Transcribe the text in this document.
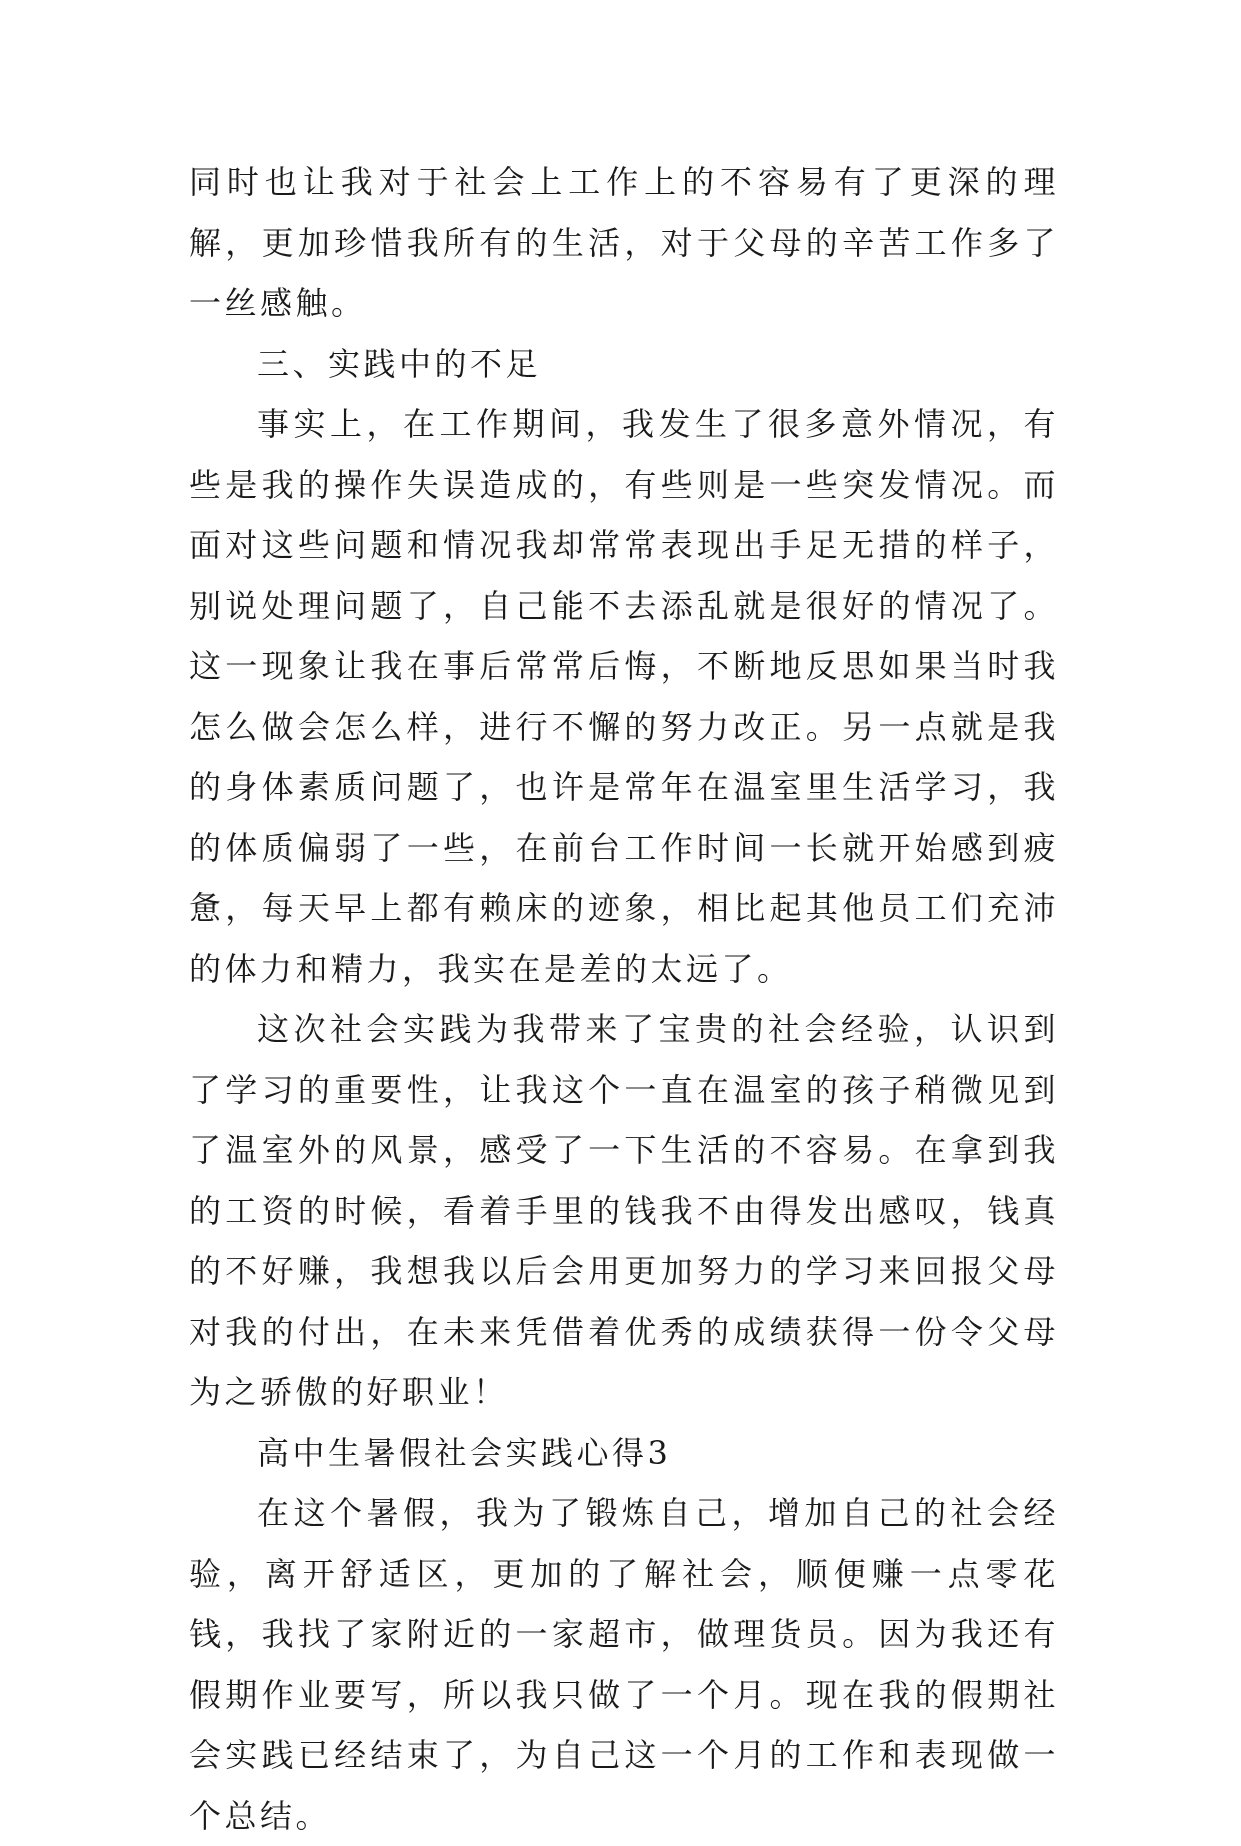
同时也让我对于社会上工作上的不容易有了更深的理解，更加珍惜我所有的生活，对于父母的辛苦工作多了一丝感触。

三、实践中的不足

事实上，在工作期间，我发生了很多意外情况，有些是我的操作失误造成的，有些则是一些突发情况。而面对这些问题和情况我却常常表现出手足无措的样子，别说处理问题了，自己能不去添乱就是很好的情况了。这一现象让我在事后常常后悔，不断地反思如果当时我怎么做会怎么样，进行不懈的努力改正。另一点就是我的身体素质问题了，也许是常年在温室里生活学习，我的体质偏弱了一些，在前台工作时间一长就开始感到疲惫，每天早上都有赖床的迹象，相比起其他员工们充沛的体力和精力，我实在是差的太远了。

这次社会实践为我带来了宝贵的社会经验，认识到了学习的重要性，让我这个一直在温室的孩子稍微见到了温室外的风景，感受了一下生活的不容易。在拿到我的工资的时候，看着手里的钱我不由得发出感叹，钱真的不好赚，我想我以后会用更加努力的学习来回报父母对我的付出，在未来凭借着优秀的成绩获得一份令父母为之骄傲的好职业！

高中生暑假社会实践心得3

在这个暑假，我为了锻炼自己，增加自己的社会经验，离开舒适区，更加的了解社会，顺便赚一点零花钱，我找了家附近的一家超市，做理货员。因为我还有假期作业要写，所以我只做了一个月。现在我的假期社会实践已经结束了，为自己这一个月的工作和表现做一个总结。
